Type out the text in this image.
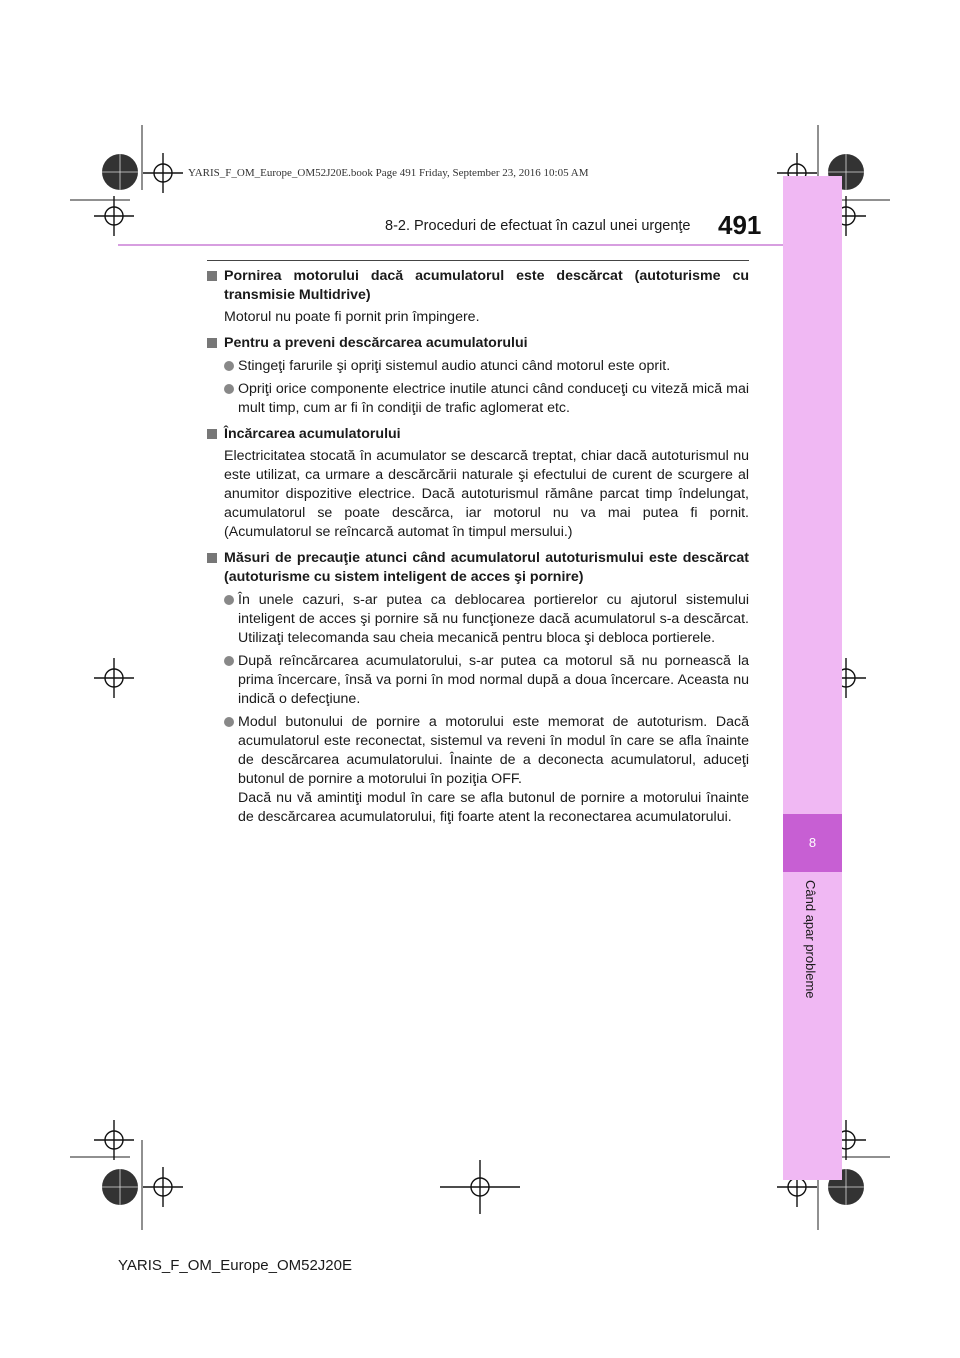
YARIS_F_OM_Europe_OM52J20E.book Page 491 Friday, September 23, 2016 10:05 AM
8
Când apar probleme
8-2. Proceduri de efectuat în cazul unei urgenţe 491
Pornirea motorului dacă acumulatorul este descărcat (autoturisme cu transmisie Multidrive)
Motorul nu poate fi pornit prin împingere.
Pentru a preveni descărcarea acumulatorului
Stingeţi farurile şi opriţi sistemul audio atunci când motorul este oprit.
Opriţi orice componente electrice inutile atunci când conduceţi cu viteză mică mai mult timp, cum ar fi în condiţii de trafic aglomerat etc.
Încărcarea acumulatorului
Electricitatea stocată în acumulator se descarcă treptat, chiar dacă autoturismul nu este utilizat, ca urmare a descărcării naturale şi efectului de curent de scurgere al anumitor dispozitive electrice. Dacă autoturismul rămâne parcat timp îndelungat, acumulatorul se poate descărca, iar motorul nu va mai putea fi pornit. (Acumulatorul se reîncarcă automat în timpul mersului.)
Măsuri de precauţie atunci când acumulatorul autoturismului este descărcat (autoturisme cu sistem inteligent de acces şi pornire)
În unele cazuri, s-ar putea ca deblocarea portierelor cu ajutorul sistemului inteligent de acces şi pornire să nu funcţioneze dacă acumulatorul s-a descărcat. Utilizaţi telecomanda sau cheia mecanică pentru bloca şi debloca portierele.
După reîncărcarea acumulatorului, s-ar putea ca motorul să nu pornească la prima încercare, însă va porni în mod normal după a doua încercare. Aceasta nu indică o defecţiune.
Modul butonului de pornire a motorului este memorat de autoturism. Dacă acumulatorul este reconectat, sistemul va reveni în modul în care se afla înainte de descărcarea acumulatorului. Înainte de a deconecta acumulatorul, aduceţi butonul de pornire a motorului în poziţia OFF.
Dacă nu vă amintiţi modul în care se afla butonul de pornire a motorului înainte de descărcarea acumulatorului, fiţi foarte atent la reconectarea acumulatorului.
YARIS_F_OM_Europe_OM52J20E
